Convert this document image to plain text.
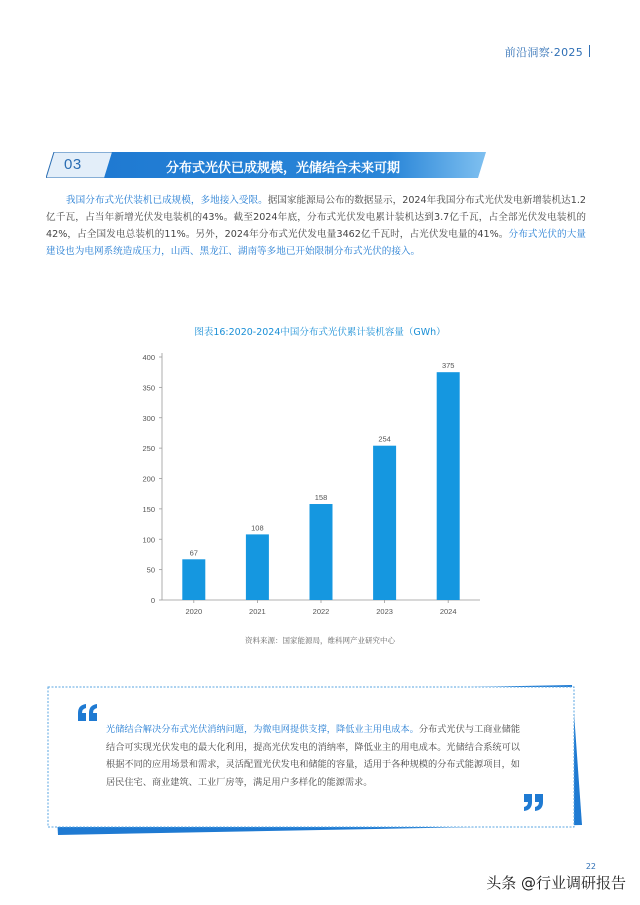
前沿洞察·2025
03	分布式光伏已成规模，光储结合未来可期
我国分布式光伏装机已成规模，多地接入受限。据国家能源局公布的数据显示，2024年我国分布式光伏发电新增装机达1.2亿千瓦，占当年新增光伏发电装机的43%。截至2024年底，分布式光伏发电累计装机达到3.7亿千瓦，占全部光伏发电装机的42%，占全国发电总装机的11%。另外，2024年分布式光伏发电量3462亿千瓦时，占光伏发电量的41%。分布式光伏的大量建设也为电网系统造成压力，山西、黑龙江、湖南等多地已开始限制分布式光伏的接入。
图表16:2020-2024中国分布式光伏累计装机容量（GWh）
0
50
100
150
200
250
300
350
400
67
2020
108
2021
158
2022
254
2023
375
2024
资料来源：国家能源局，维科网产业研究中心
光储结合解决分布式光伏消纳问题，为微电网提供支撑，降低业主用电成本。分布式光伏与工商业储能结合可实现光伏发电的最大化利用，提高光伏发电的消纳率，降低业主的用电成本。光储结合系统可以根据不同的应用场景和需求，灵活配置光伏发电和储能的容量，适用于各种规模的分布式能源项目，如居民住宅、商业建筑、工业厂房等，满足用户多样化的能源需求。
22
头条 @行业调研报告
